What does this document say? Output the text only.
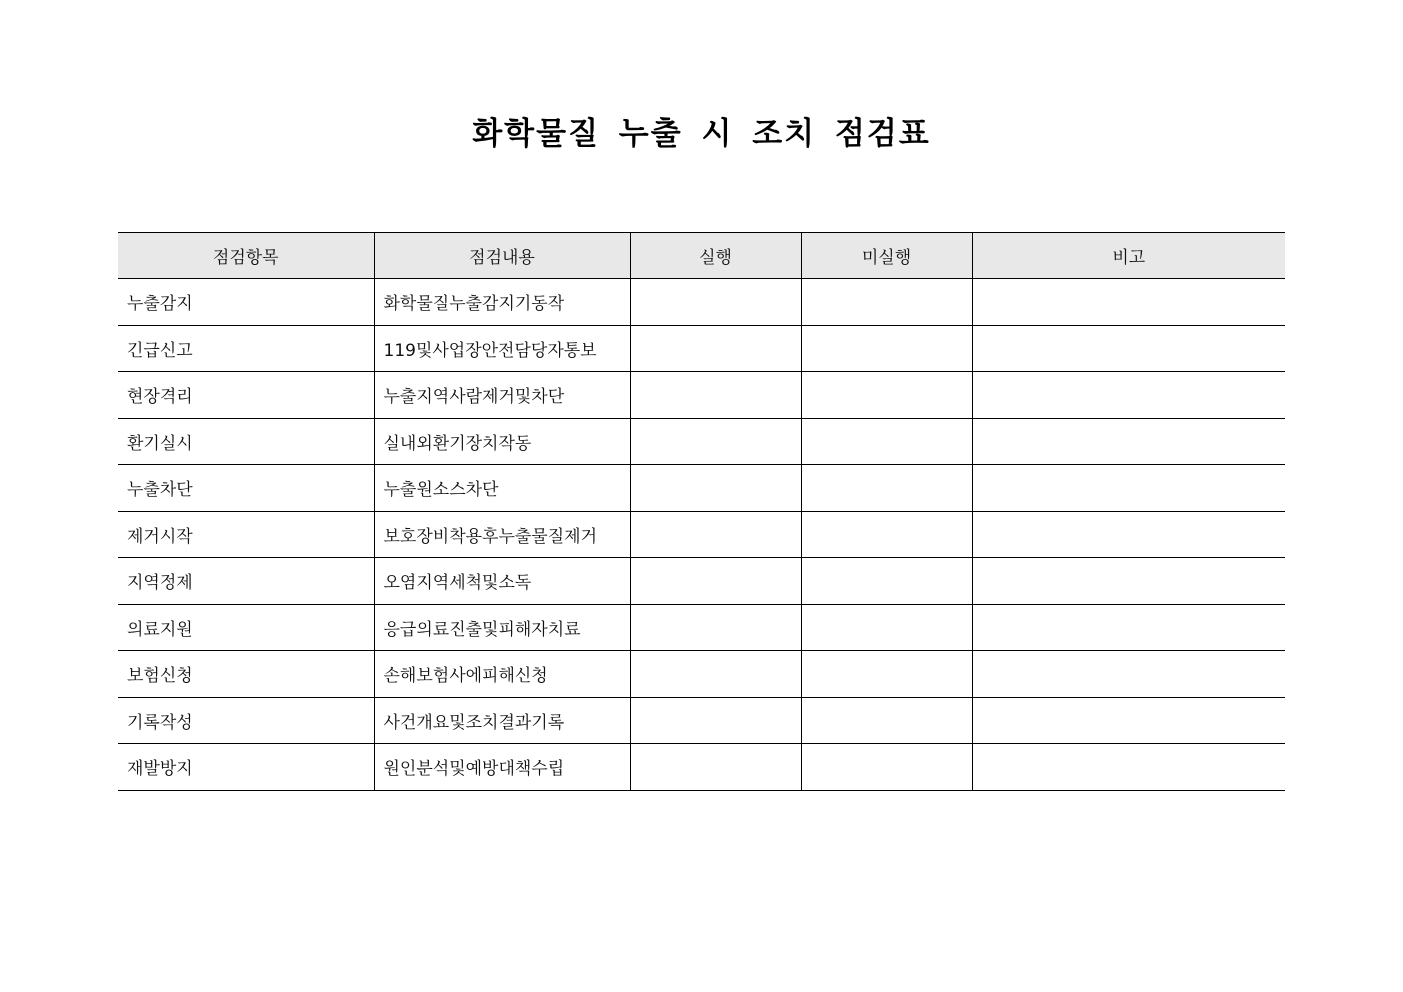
화학물질 누출 시 조치 점검표
점검항목	점검내용	실행	미실행	비고
누출감지	화학물질누출감지기동작			
긴급신고	119및사업장안전담당자통보			
현장격리	누출지역사람제거및차단			
환기실시	실내외환기장치작동			
누출차단	누출원소스차단			
제거시작	보호장비착용후누출물질제거			
지역정제	오염지역세척및소독			
의료지원	응급의료진출및피해자치료			
보험신청	손해보험사에피해신청			
기록작성	사건개요및조치결과기록			
재발방지	원인분석및예방대책수립			
